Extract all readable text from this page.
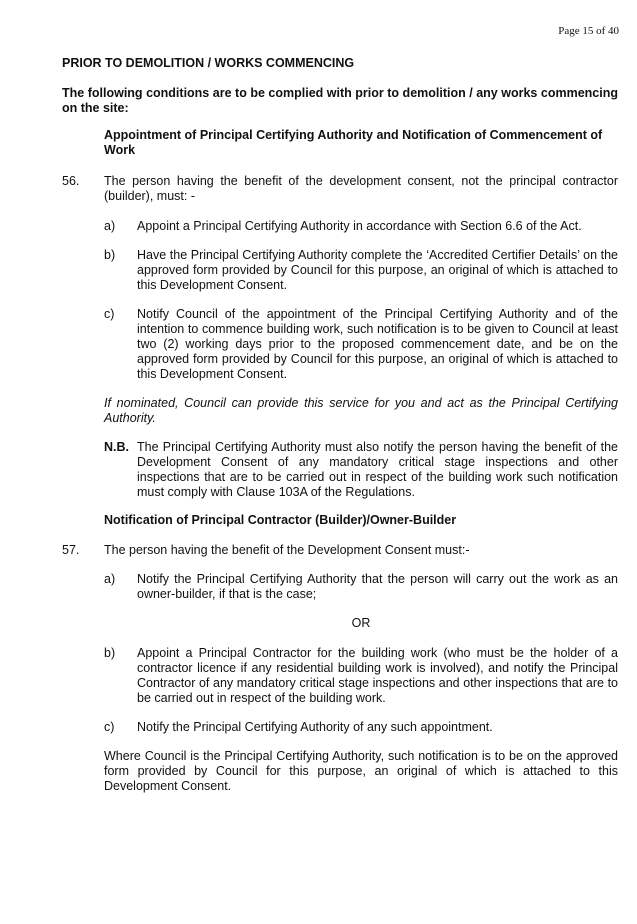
Page 15 of 40
PRIOR TO DEMOLITION / WORKS COMMENCING
The following conditions are to be complied with prior to demolition / any works commencing on the site:
Appointment of Principal Certifying Authority and Notification of Commencement of Work
56. The person having the benefit of the development consent, not the principal contractor (builder), must: -
a) Appoint a Principal Certifying Authority in accordance with Section 6.6 of the Act.
b) Have the Principal Certifying Authority complete the ‘Accredited Certifier Details’ on the approved form provided by Council for this purpose, an original of which is attached to this Development Consent.
c) Notify Council of the appointment of the Principal Certifying Authority and of the intention to commence building work, such notification is to be given to Council at least two (2) working days prior to the proposed commencement date, and be on the approved form provided by Council for this purpose, an original of which is attached to this Development Consent.
If nominated, Council can provide this service for you and act as the Principal Certifying Authority.
N.B. The Principal Certifying Authority must also notify the person having the benefit of the Development Consent of any mandatory critical stage inspections and other inspections that are to be carried out in respect of the building work such notification must comply with Clause 103A of the Regulations.
Notification of Principal Contractor (Builder)/Owner-Builder
57. The person having the benefit of the Development Consent must:-
a) Notify the Principal Certifying Authority that the person will carry out the work as an owner-builder, if that is the case;
OR
b) Appoint a Principal Contractor for the building work (who must be the holder of a contractor licence if any residential building work is involved), and notify the Principal Contractor of any mandatory critical stage inspections and other inspections that are to be carried out in respect of the building work.
c) Notify the Principal Certifying Authority of any such appointment.
Where Council is the Principal Certifying Authority, such notification is to be on the approved form provided by Council for this purpose, an original of which is attached to this Development Consent.
